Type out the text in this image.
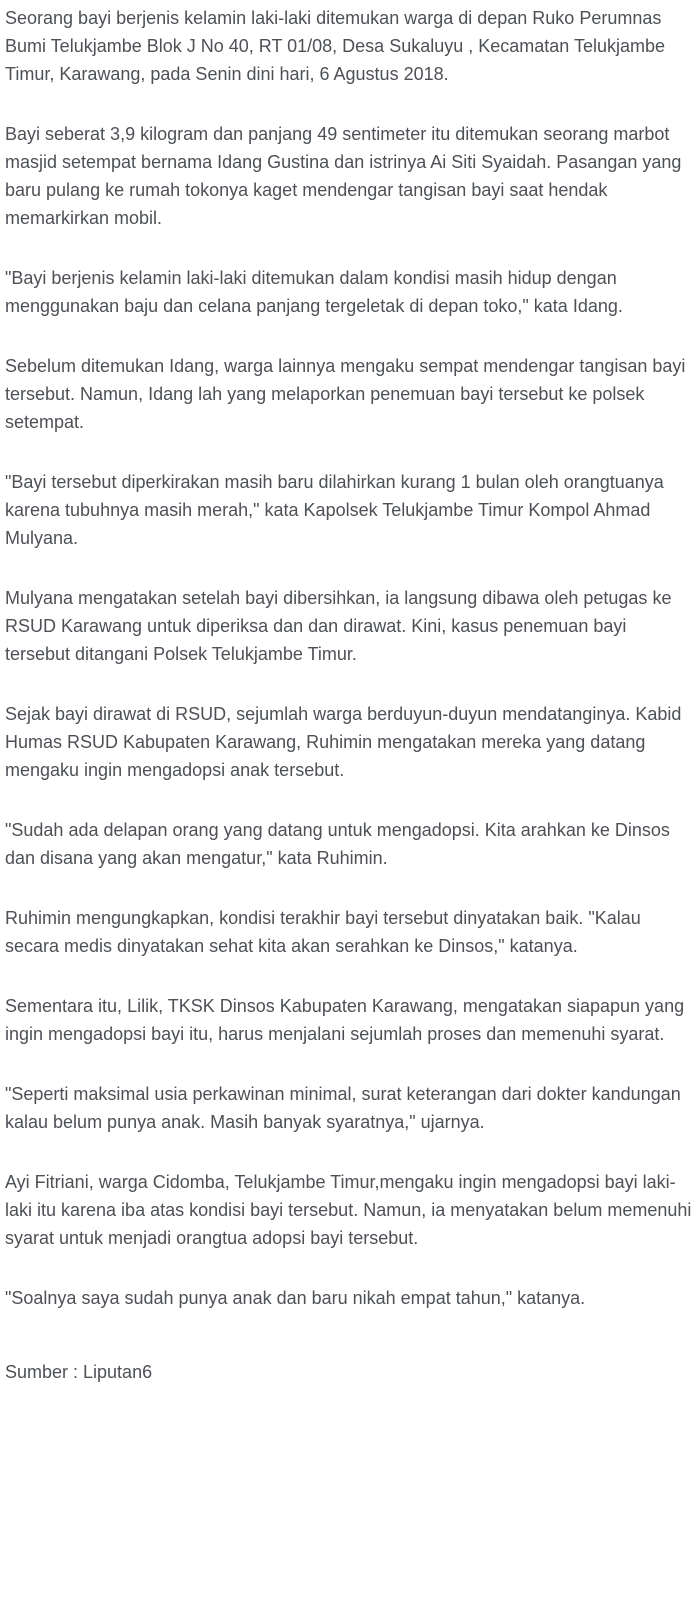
Seorang bayi berjenis kelamin laki-laki ditemukan warga di depan Ruko Perumnas Bumi Telukjambe Blok J No 40, RT 01/08, Desa Sukaluyu , Kecamatan Telukjambe Timur, Karawang, pada Senin dini hari, 6 Agustus 2018.

Bayi seberat 3,9 kilogram dan panjang 49 sentimeter itu ditemukan seorang marbot masjid setempat bernama Idang Gustina dan istrinya Ai Siti Syaidah. Pasangan yang baru pulang ke rumah tokonya kaget mendengar tangisan bayi saat hendak memarkirkan mobil.

"Bayi berjenis kelamin laki-laki ditemukan dalam kondisi masih hidup dengan menggunakan baju dan celana panjang tergeletak di depan toko," kata Idang.

Sebelum ditemukan Idang, warga lainnya mengaku sempat mendengar tangisan bayi tersebut. Namun, Idang lah yang melaporkan penemuan bayi tersebut ke polsek setempat.

"Bayi tersebut diperkirakan masih baru dilahirkan kurang 1 bulan oleh orangtuanya karena tubuhnya masih merah," kata Kapolsek Telukjambe Timur Kompol Ahmad Mulyana.

Mulyana mengatakan setelah bayi dibersihkan, ia langsung dibawa oleh petugas ke RSUD Karawang untuk diperiksa dan dan dirawat. Kini, kasus penemuan bayi tersebut ditangani Polsek Telukjambe Timur.

Sejak bayi dirawat di RSUD, sejumlah warga berduyun-duyun mendatanginya. Kabid Humas RSUD Kabupaten Karawang, Ruhimin mengatakan mereka yang datang mengaku ingin mengadopsi anak tersebut.

"Sudah ada delapan orang yang datang untuk mengadopsi. Kita arahkan ke Dinsos dan disana yang akan mengatur," kata Ruhimin.

Ruhimin mengungkapkan, kondisi terakhir bayi tersebut dinyatakan baik. "Kalau secara medis dinyatakan sehat kita akan serahkan ke Dinsos," katanya.

Sementara itu, Lilik, TKSK Dinsos Kabupaten Karawang, mengatakan siapapun yang ingin mengadopsi bayi itu, harus menjalani sejumlah proses dan memenuhi syarat.

"Seperti maksimal usia perkawinan minimal, surat keterangan dari dokter kandungan kalau belum punya anak. Masih banyak syaratnya," ujarnya.

Ayi Fitriani, warga Cidomba, Telukjambe Timur,mengaku ingin mengadopsi bayi laki-laki itu karena iba atas kondisi bayi tersebut. Namun, ia menyatakan belum memenuhi syarat untuk menjadi orangtua adopsi bayi tersebut.

"Soalnya saya sudah punya anak dan baru nikah empat tahun," katanya.

Sumber : Liputan6
